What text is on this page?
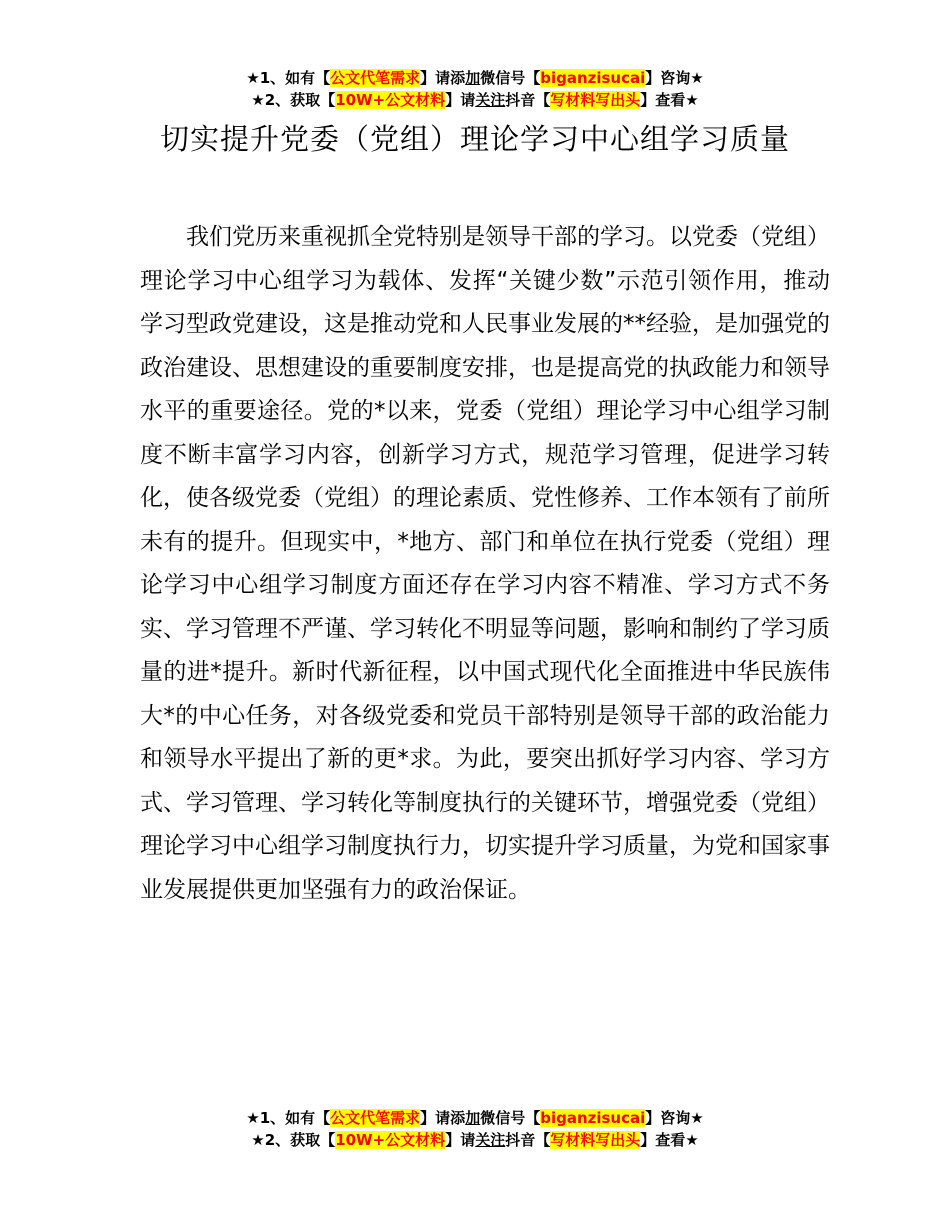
★1、如有【公文代笔需求】请添加微信号【biganzisucai】咨询★
★2、获取【10W+公文材料】请关注抖音【写材料写出头】查看★
切实提升党委（党组）理论学习中心组学习质量
我们党历来重视抓全党特别是领导干部的学习。以党委（党组）理论学习中心组学习为载体、发挥“关键少数”示范引领作用，推动学习型政党建设，这是推动党和人民事业发展的**经验，是加强党的政治建设、思想建设的重要制度安排，也是提高党的执政能力和领导水平的重要途径。党的*以来，党委（党组）理论学习中心组学习制度不断丰富学习内容，创新学习方式，规范学习管理，促进学习转化，使各级党委（党组）的理论素质、党性修养、工作本领有了前所未有的提升。但现实中，*地方、部门和单位在执行党委（党组）理论学习中心组学习制度方面还存在学习内容不精准、学习方式不务实、学习管理不严谨、学习转化不明显等问题，影响和制约了学习质量的进*提升。新时代新征程，以中国式现代化全面推进中华民族伟大*的中心任务，对各级党委和党员干部特别是领导干部的政治能力和领导水平提出了新的更*求。为此，要突出抓好学习内容、学习方式、学习管理、学习转化等制度执行的关键环节，增强党委（党组）理论学习中心组学习制度执行力，切实提升学习质量，为党和国家事业发展提供更加坚强有力的政治保证。
★1、如有【公文代笔需求】请添加微信号【biganzisucai】咨询★
★2、获取【10W+公文材料】请关注抖音【写材料写出头】查看★
